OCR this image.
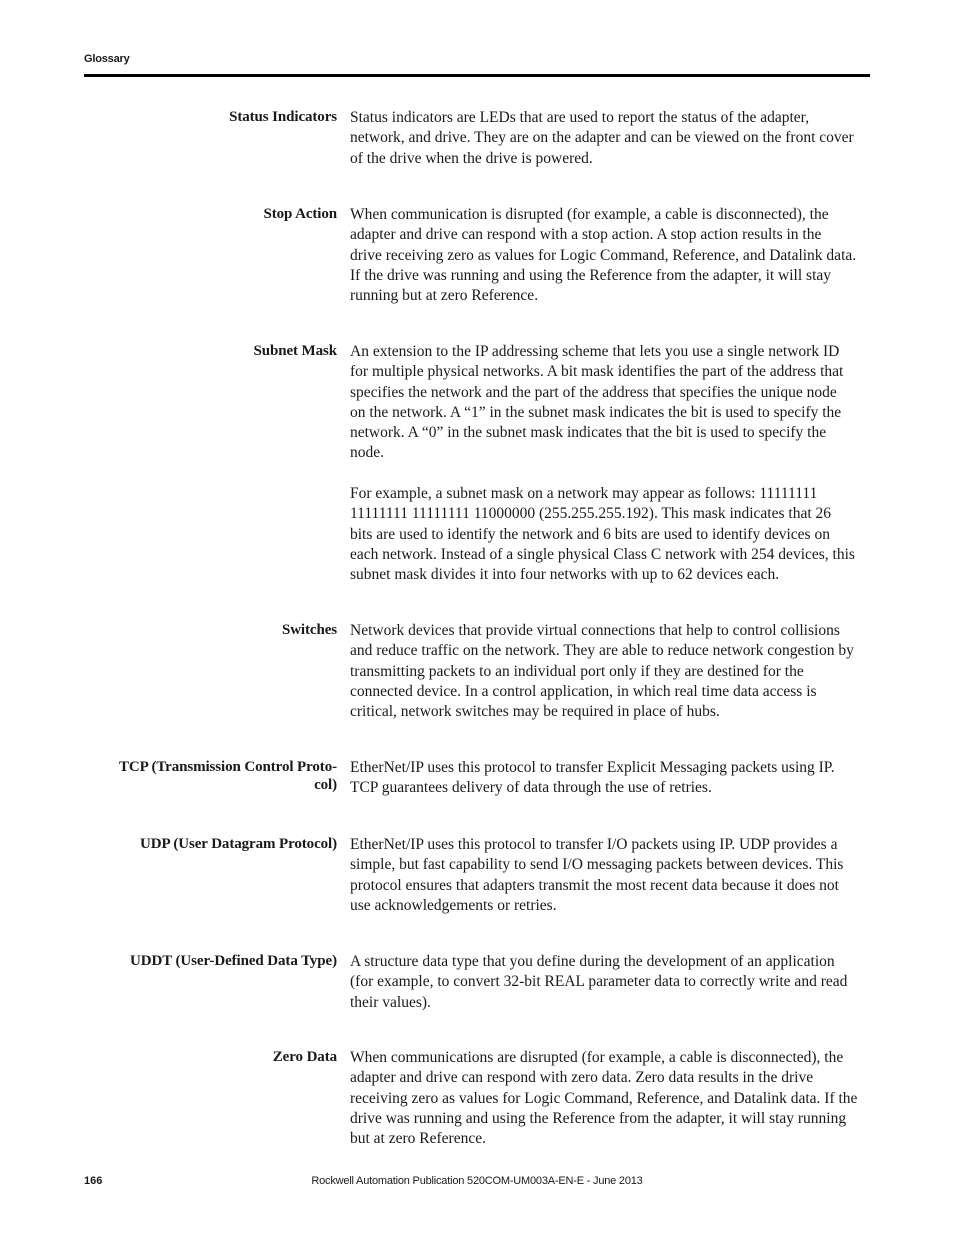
Glossary
Status Indicators Status indicators are LEDs that are used to report the status of the adapter,
network, and drive. They are on the adapter and can be viewed on the front cover
of the drive when the drive is powered.

Stop Action When communication is disrupted (for example, a cable is disconnected), the
adapter and drive can respond with a stop action. A stop action results in the
drive receiving zero as values for Logic Command, Reference, and Datalink data.
If the drive was running and using the Reference from the adapter, it will stay
running but at zero Reference.

Subnet Mask An extension to the IP addressing scheme that lets you use a single network ID
for multiple physical networks. A bit mask identifies the part of the address that
specifies the network and the part of the address that specifies the unique node
on the network. A “1” in the subnet mask indicates the bit is used to specify the
network. A “0” in the subnet mask indicates that the bit is used to specify the
node.

For example, a subnet mask on a network may appear as follows: 11111111
11111111 11111111 11000000 (255.255.255.192). This mask indicates that 26
bits are used to identify the network and 6 bits are used to identify devices on
each network. Instead of a single physical Class C network with 254 devices, this
subnet mask divides it into four networks with up to 62 devices each.

Switches Network devices that provide virtual connections that help to control collisions
and reduce traffic on the network. They are able to reduce network congestion by
transmitting packets to an individual port only if they are destined for the
connected device. In a control application, in which real time data access is
critical, network switches may be required in place of hubs.

TCP (Transmission Control Proto-
col)

EtherNet/IP uses this protocol to transfer Explicit Messaging packets using IP.
TCP guarantees delivery of data through the use of retries.

UDP (User Datagram Protocol) EtherNet/IP uses this protocol to transfer I/O packets using IP. UDP provides a
simple, but fast capability to send I/O messaging packets between devices. This
protocol ensures that adapters transmit the most recent data because it does not
use acknowledgements or retries.

UDDT (User-Defined Data Type) A structure data type that you define during the development of an application
(for example, to convert 32-bit REAL parameter data to correctly write and read
their values).

Zero Data When communications are disrupted (for example, a cable is disconnected), the
adapter and drive can respond with zero data. Zero data results in the drive
receiving zero as values for Logic Command, Reference, and Datalink data. If the
drive was running and using the Reference from the adapter, it will stay running
but at zero Reference.

166	Rockwell Automation Publication 520COM-UM003A-EN-E - June 2013
